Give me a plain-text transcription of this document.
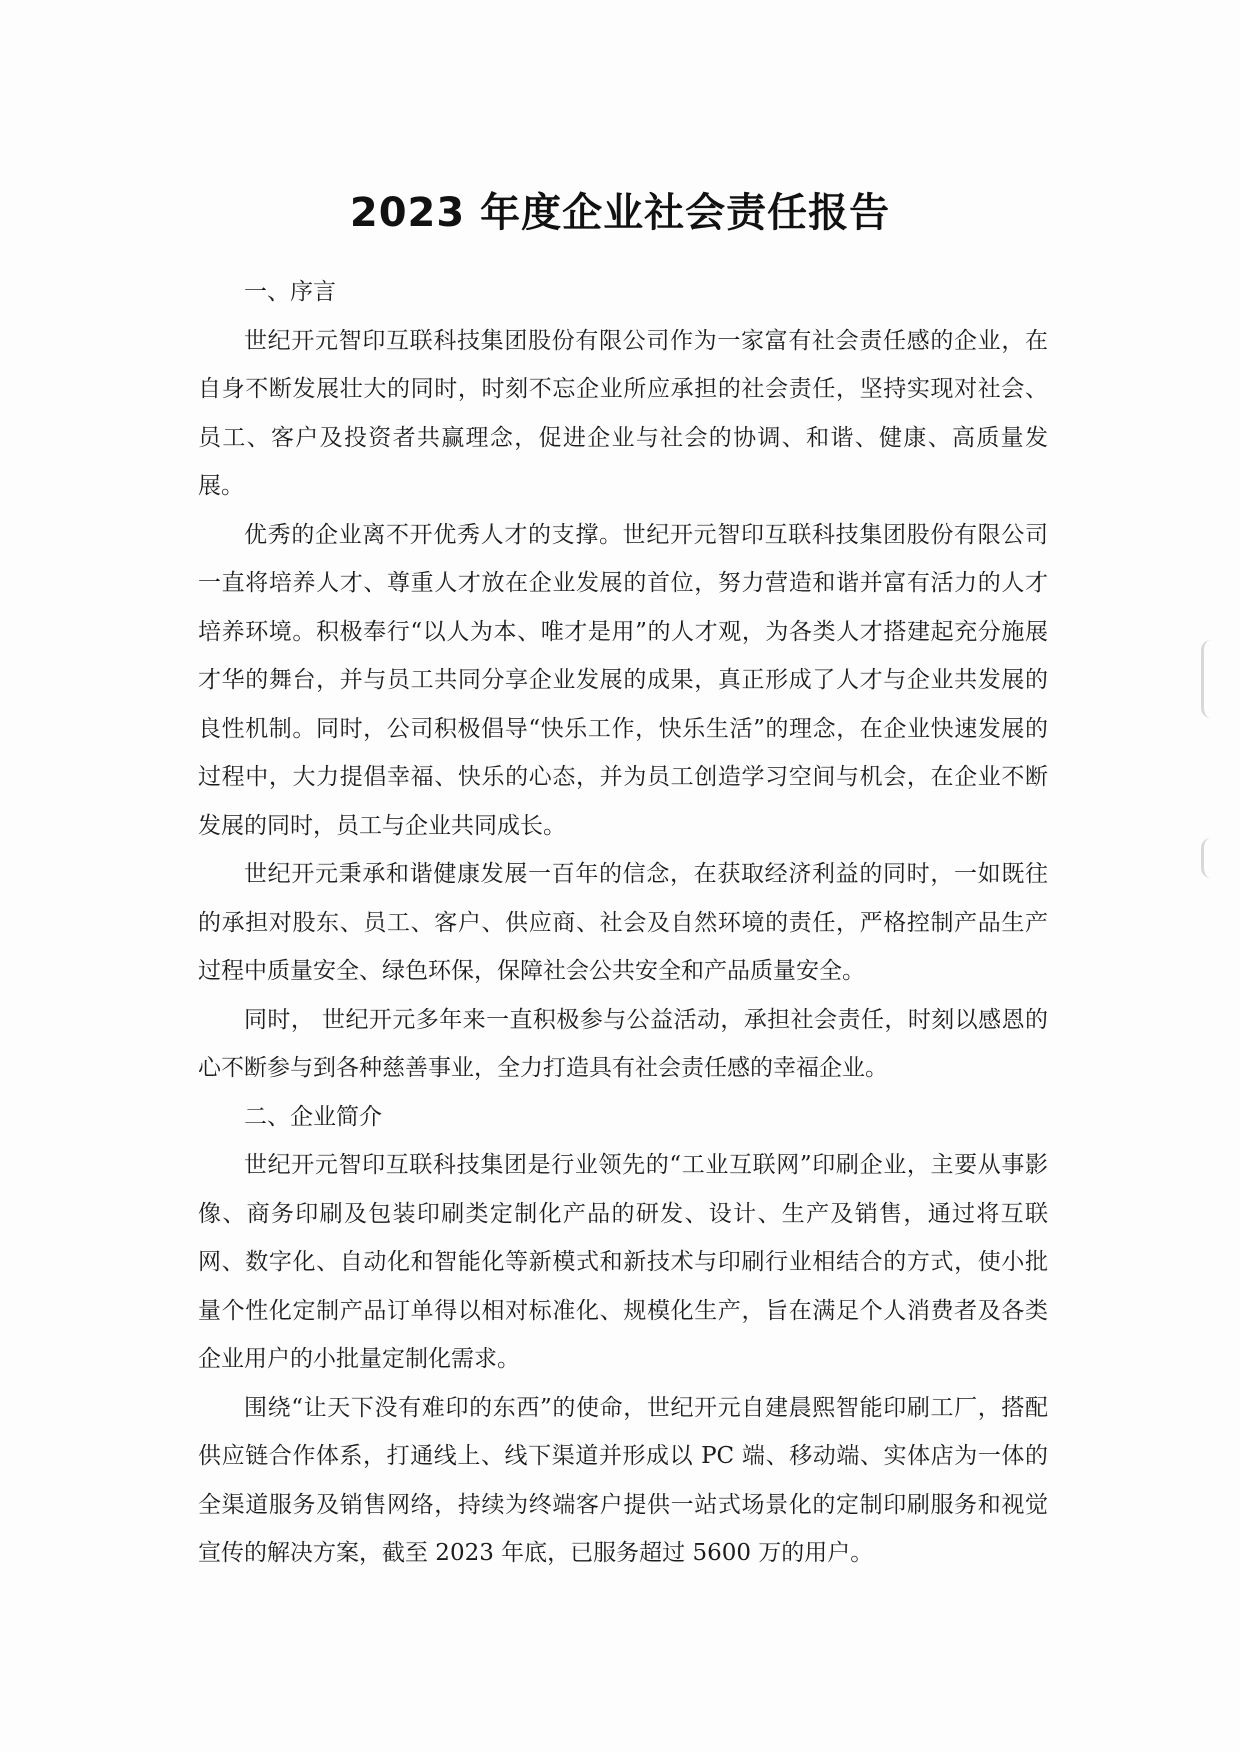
2023 年度企业社会责任报告
一、序言

世纪开元智印互联科技集团股份有限公司作为一家富有社会责任感的企业，在自身不断发展壮大的同时，时刻不忘企业所应承担的社会责任，坚持实现对社会、员工、客户及投资者共赢理念，促进企业与社会的协调、和谐、健康、高质量发展。

优秀的企业离不开优秀人才的支撑。世纪开元智印互联科技集团股份有限公司一直将培养人才、尊重人才放在企业发展的首位，努力营造和谐并富有活力的人才培养环境。积极奉行“以人为本、唯才是用”的人才观，为各类人才搭建起充分施展才华的舞台，并与员工共同分享企业发展的成果，真正形成了人才与企业共发展的良性机制。同时，公司积极倡导“快乐工作，快乐生活”的理念，在企业快速发展的过程中，大力提倡幸福、快乐的心态，并为员工创造学习空间与机会，在企业不断发展的同时，员工与企业共同成长。

世纪开元秉承和谐健康发展一百年的信念，在获取经济利益的同时，一如既往的承担对股东、员工、客户、供应商、社会及自然环境的责任，严格控制产品生产过程中质量安全、绿色环保，保障社会公共安全和产品质量安全。

同时， 世纪开元多年来一直积极参与公益活动，承担社会责任，时刻以感恩的心不断参与到各种慈善事业，全力打造具有社会责任感的幸福企业。

二、企业简介

世纪开元智印互联科技集团是行业领先的“工业互联网”印刷企业，主要从事影像、商务印刷及包装印刷类定制化产品的研发、设计、生产及销售，通过将互联网、数字化、自动化和智能化等新模式和新技术与印刷行业相结合的方式，使小批量个性化定制产品订单得以相对标准化、规模化生产，旨在满足个人消费者及各类企业用户的小批量定制化需求。

围绕“让天下没有难印的东西”的使命，世纪开元自建晨熙智能印刷工厂，搭配供应链合作体系，打通线上、线下渠道并形成以 PC 端、移动端、实体店为一体的全渠道服务及销售网络，持续为终端客户提供一站式场景化的定制印刷服务和视觉宣传的解决方案，截至 2023 年底，已服务超过 5600 万的用户。
